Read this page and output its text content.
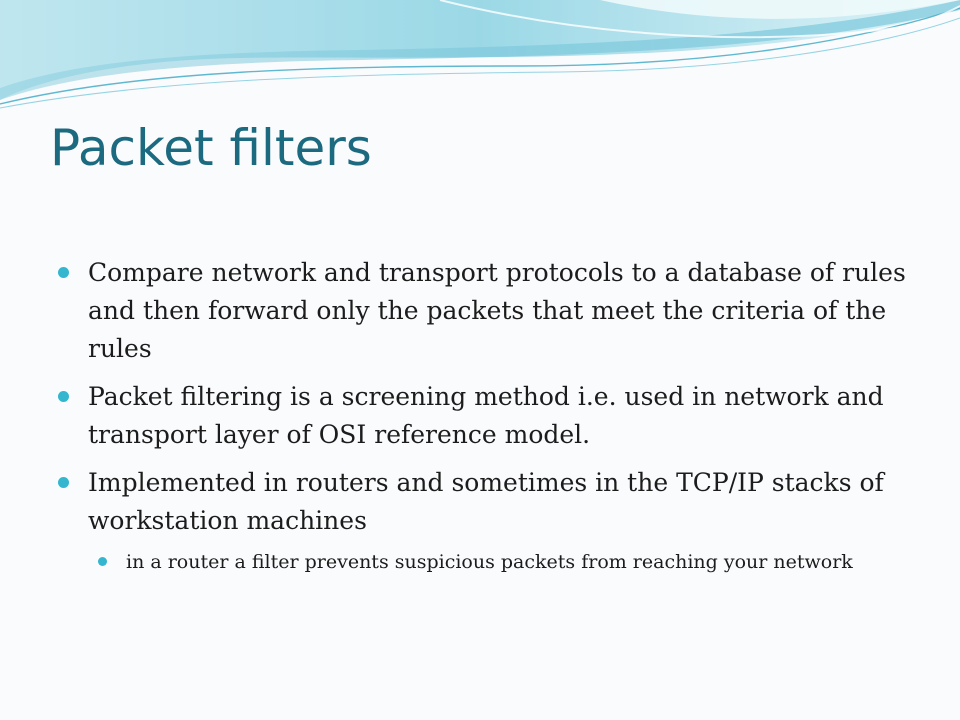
Packet filters
Compare network and transport protocols to a database of rules and then forward only the packets that meet the criteria of the rules
Packet filtering is a screening method i.e. used in network and transport layer of OSI reference model.
Implemented in routers and sometimes in the TCP/IP stacks of workstation machines
in a router a filter prevents suspicious packets from reaching your network
